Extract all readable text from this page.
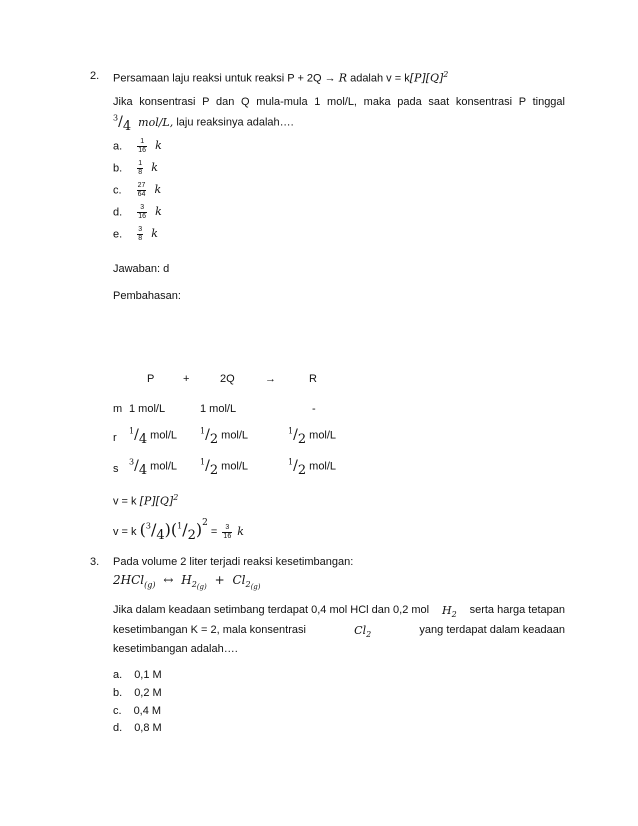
2. Persamaan laju reaksi untuk reaksi P + 2Q → R adalah $v = k[P][Q]^2$
Jika konsentrasi P dan Q mula-mula 1 mol/L, maka pada saat konsentrasi P tinggal
$^3/_4$ mol/L, laju reaksinya adalah….
a. $\frac{1}{16}$ k
b. $\frac{1}{8}$ k
c. $\frac{27}{64}$ k
d. $\frac{3}{16}$ k
e. $\frac{3}{8}$ k
Jawaban: d
Pembahasan:
P	+	2Q	→	R
m 1 mol/L	1 mol/L	-
r
$^1/_4$ mol/L	$^1/_2$ mol/L	$^1/_2$ mol/L
s
$^3/_4$ mol/L	$^1/_2$ mol/L	$^1/_2$ mol/L
v = k $[P][Q]^2$
v = k $(^3/_4)(^1/_2)^2 = \frac{3}{16}$ k
3. Pada volume 2 liter terjadi reaksi kesetimbangan:
2HCl$_{(g)}$ ↔ $H_{2(g)} + Cl_{2(g)}$
Jika dalam keadaan setimbang terdapat 0,4 mol HCl dan 0,2 mol $H_2$ serta harga tetapan
kesetimbangan K = 2, mala konsentrasi	$Cl_2$	yang terdapat dalam keadaan
kesetimbangan adalah….
a. 0,1 M
b. 0,2 M
c. 0,4 M
d. 0,8 M
